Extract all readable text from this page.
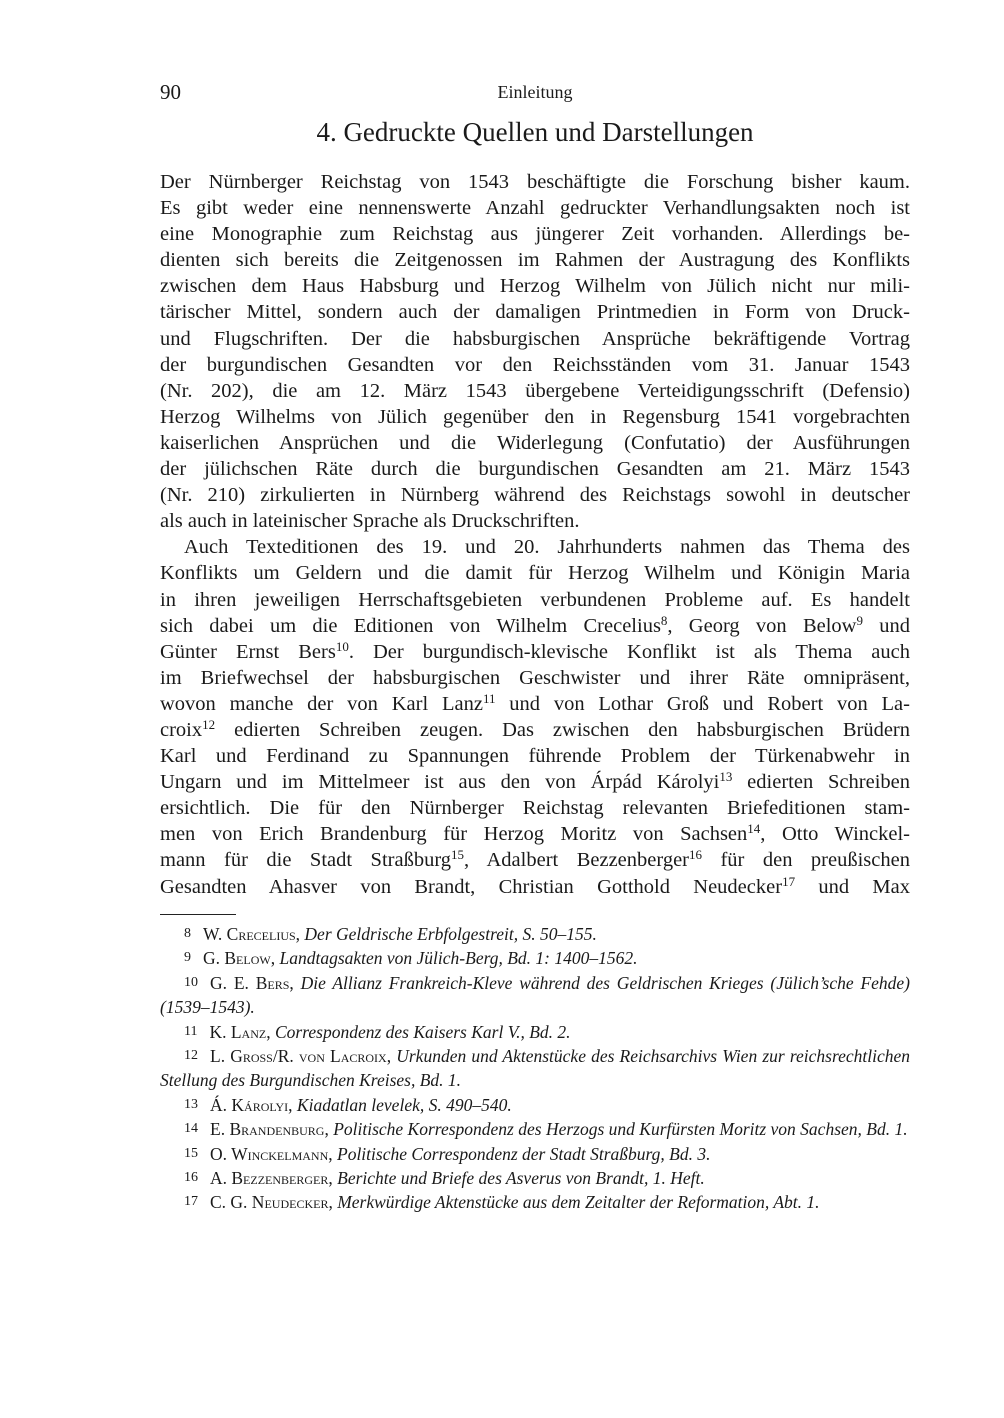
90	Einleitung
4. Gedruckte Quellen und Darstellungen
Der Nürnberger Reichstag von 1543 beschäftigte die Forschung bisher kaum.
Es gibt weder eine nennenswerte Anzahl gedruckter Verhandlungsakten noch ist
eine Monographie zum Reichstag aus jüngerer Zeit vorhanden. Allerdings be-
dienten sich bereits die Zeitgenossen im Rahmen der Austragung des Konflikts
zwischen dem Haus Habsburg und Herzog Wilhelm von Jülich nicht nur mili-
tärischer Mittel, sondern auch der damaligen Printmedien in Form von Druck-
und Flugschriften. Der die habsburgischen Ansprüche bekräftigende Vortrag
der burgundischen Gesandten vor den Reichsständen vom 31. Januar 1543
(Nr. 202), die am 12. März 1543 übergebene Verteidigungsschrift (Defensio)
Herzog Wilhelms von Jülich gegenüber den in Regensburg 1541 vorgebrachten
kaiserlichen Ansprüchen und die Widerlegung (Confutatio) der Ausführungen
der jülichschen Räte durch die burgundischen Gesandten am 21. März 1543
(Nr. 210) zirkulierten in Nürnberg während des Reichstags sowohl in deutscher
als auch in lateinischer Sprache als Druckschriften.
Auch Texteditionen des 19. und 20. Jahrhunderts nahmen das Thema des
Konflikts um Geldern und die damit für Herzog Wilhelm und Königin Maria
in ihren jeweiligen Herrschaftsgebieten verbundenen Probleme auf. Es handelt
sich dabei um die Editionen von Wilhelm Crecelius$^8$, Georg von Below$^9$ und
Günter Ernst Bers$^{10}$. Der burgundisch-klevische Konflikt ist als Thema auch
im Briefwechsel der habsburgischen Geschwister und ihrer Räte omnipräsent,
wovon manche der von Karl Lanz$^{11}$ und von Lothar Groß und Robert von La-
croix$^{12}$ edierten Schreiben zeugen. Das zwischen den habsburgischen Brüdern
Karl und Ferdinand zu Spannungen führende Problem der Türkenabwehr in
Ungarn und im Mittelmeer ist aus den von Árpád Károlyi$^{13}$ edierten Schreiben
ersichtlich. Die für den Nürnberger Reichstag relevanten Briefeditionen stam-
men von Erich Brandenburg für Herzog Moritz von Sachsen$^{14}$, Otto Winckel-
mann für die Stadt Straßburg$^{15}$, Adalbert Bezzenberger$^{16}$ für den preußischen
Gesandten Ahasver von Brandt, Christian Gotthold Neudecker$^{17}$ und Max
8 W. Crecelius, Der Geldrische Erbfolgestreit, S. 50–155.
9 G. Below, Landtagsakten von Jülich-Berg, Bd. 1: 1400–1562.
10 G. E. Bers, Die Allianz Frankreich-Kleve während des Geldrischen Krieges (Jülich’sche Fehde) (1539–1543).
11 K. Lanz, Correspondenz des Kaisers Karl V., Bd. 2.
12 L. Groß/R. von Lacroix, Urkunden und Aktenstücke des Reichsarchivs Wien zur reichsrechtlichen Stellung des Burgundischen Kreises, Bd. 1.
13 Á. Károlyi, Kiadatlan levelek, S. 490–540.
14 E. Brandenburg, Politische Korrespondenz des Herzogs und Kurfürsten Moritz von Sachsen, Bd. 1.
15 O. Winckelmann, Politische Correspondenz der Stadt Straßburg, Bd. 3.
16 A. Bezzenberger, Berichte und Briefe des Asverus von Brandt, 1. Heft.
17 C. G. Neudecker, Merkwürdige Aktenstücke aus dem Zeitalter der Reformation, Abt. 1.
